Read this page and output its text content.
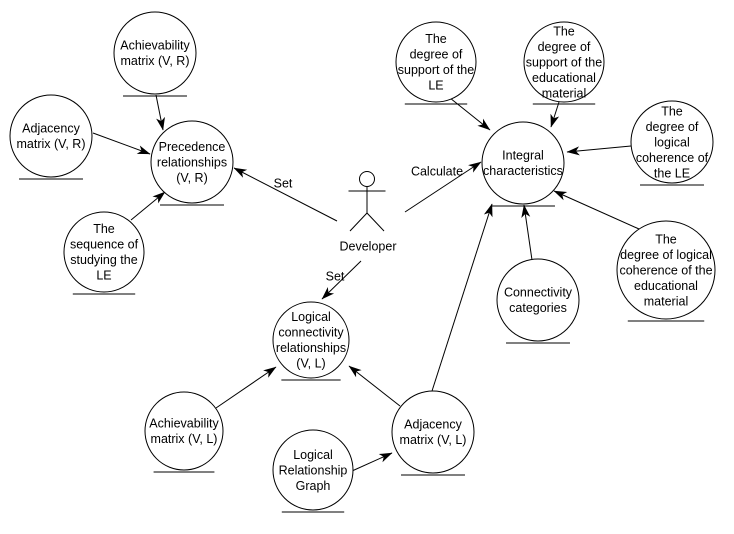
Achievability matrix (V, R)
Adjacency matrix (V, R)	Precedence relationships (V, R)
The sequence of studying the LE
The degree of support of the LE
The degree of support of the educational material
The degree of logical coherence of the LE
Integral characteristics
The degree of logical coherence of the educational material
Connectivity categories
Logical connectivity relationships (V, L)
Achievability matrix (V, L)
Logical Relationship Graph
Adjacency matrix (V, L)
Developer
Set
Calculate
Set
